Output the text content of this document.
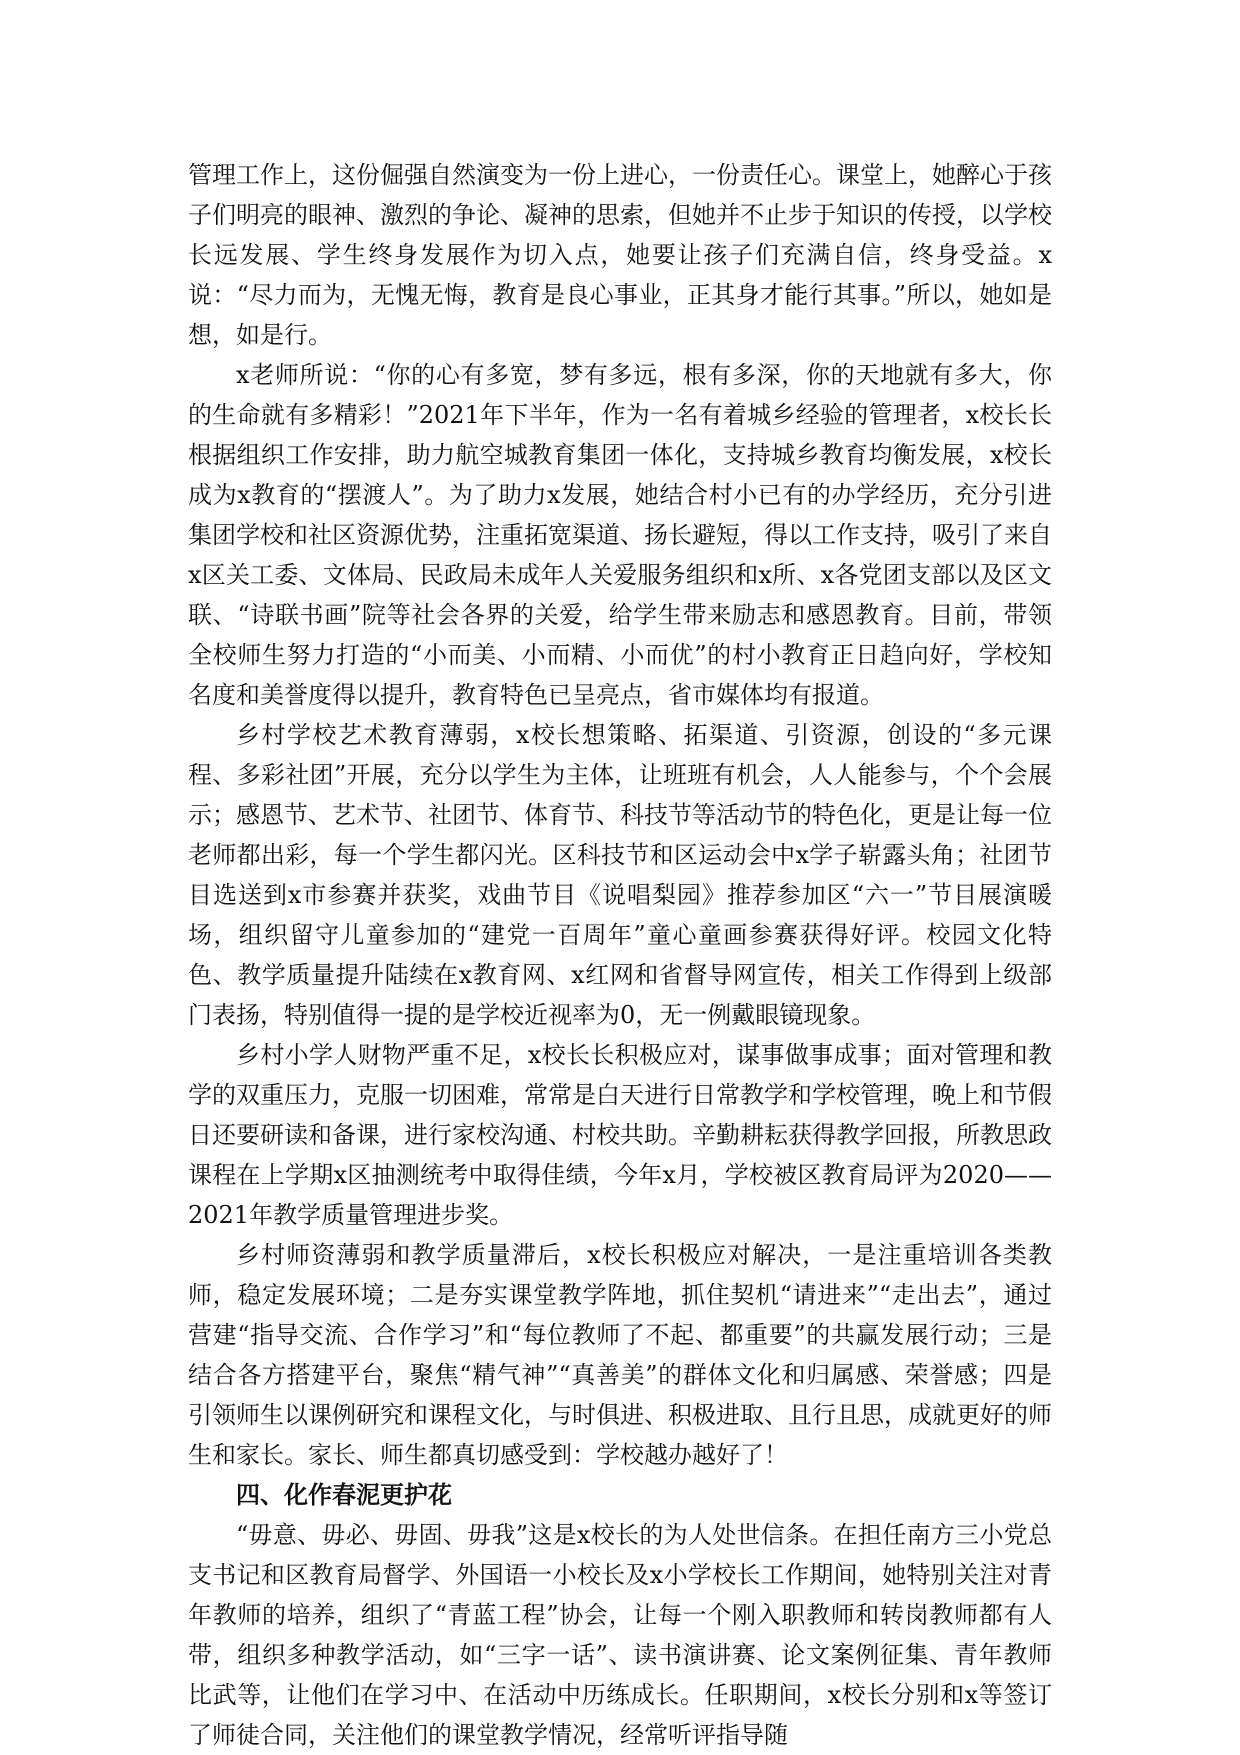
管理工作上，这份倔强自然演变为一份上进心，一份责任心。课堂上，她醉心于孩子们明亮的眼神、激烈的争论、凝神的思索，但她并不止步于知识的传授，以学校长远发展、学生终身发展作为切入点，她要让孩子们充满自信，终身受益。x说：“尽力而为，无愧无悔，教育是良心事业，正其身才能行其事。”所以，她如是想，如是行。

x老师所说：“你的心有多宽，梦有多远，根有多深，你的天地就有多大，你的生命就有多精彩！”2021年下半年，作为一名有着城乡经验的管理者，x校长长根据组织工作安排，助力航空城教育集团一体化，支持城乡教育均衡发展，x校长成为x教育的“摆渡人”。为了助力x发展，她结合村小已有的办学经历，充分引进集团学校和社区资源优势，注重拓宽渠道、扬长避短，得以工作支持，吸引了来自x区关工委、文体局、民政局未成年人关爱服务组织和x所、x各党团支部以及区文联、“诗联书画”院等社会各界的关爱，给学生带来励志和感恩教育。目前，带领全校师生努力打造的“小而美、小而精、小而优”的村小教育正日趋向好，学校知名度和美誉度得以提升，教育特色已呈亮点，省市媒体均有报道。

乡村学校艺术教育薄弱，x校长想策略、拓渠道、引资源，创设的“多元课程、多彩社团”开展，充分以学生为主体，让班班有机会，人人能参与，个个会展示；感恩节、艺术节、社团节、体育节、科技节等活动节的特色化，更是让每一位老师都出彩，每一个学生都闪光。区科技节和区运动会中x学子崭露头角；社团节目选送到x市参赛并获奖，戏曲节目《说唱梨园》推荐参加区“六一”节目展演暖场，组织留守儿童参加的“建党一百周年”童心童画参赛获得好评。校园文化特色、教学质量提升陆续在x教育网、x红网和省督导网宣传，相关工作得到上级部门表扬，特别值得一提的是学校近视率为0，无一例戴眼镜现象。

乡村小学人财物严重不足，x校长长积极应对，谋事做事成事；面对管理和教学的双重压力，克服一切困难，常常是白天进行日常教学和学校管理，晚上和节假日还要研读和备课，进行家校沟通、村校共助。辛勤耕耘获得教学回报，所教思政课程在上学期x区抽测统考中取得佳绩，今年x月，学校被区教育局评为2020——2021年教学质量管理进步奖。

乡村师资薄弱和教学质量滞后，x校长积极应对解决，一是注重培训各类教师，稳定发展环境；二是夯实课堂教学阵地，抓住契机“请进来”“走出去”，通过营建“指导交流、合作学习”和“每位教师了不起、都重要”的共赢发展行动；三是结合各方搭建平台，聚焦“精气神”“真善美”的群体文化和归属感、荣誉感；四是引领师生以课例研究和课程文化，与时俱进、积极进取、且行且思，成就更好的师生和家长。家长、师生都真切感受到：学校越办越好了！

四、化作春泥更护花

“毋意、毋必、毋固、毋我”这是x校长的为人处世信条。在担任南方三小党总支书记和区教育局督学、外国语一小校长及x小学校长工作期间，她特别关注对青年教师的培养，组织了“青蓝工程”协会，让每一个刚入职教师和转岗教师都有人带，组织多种教学活动，如“三字一话”、读书演讲赛、论文案例征集、青年教师比武等，让他们在学习中、在活动中历练成长。任职期间，x校长分别和x等签订了师徒合同，关注他们的课堂教学情况，经常听评指导随
